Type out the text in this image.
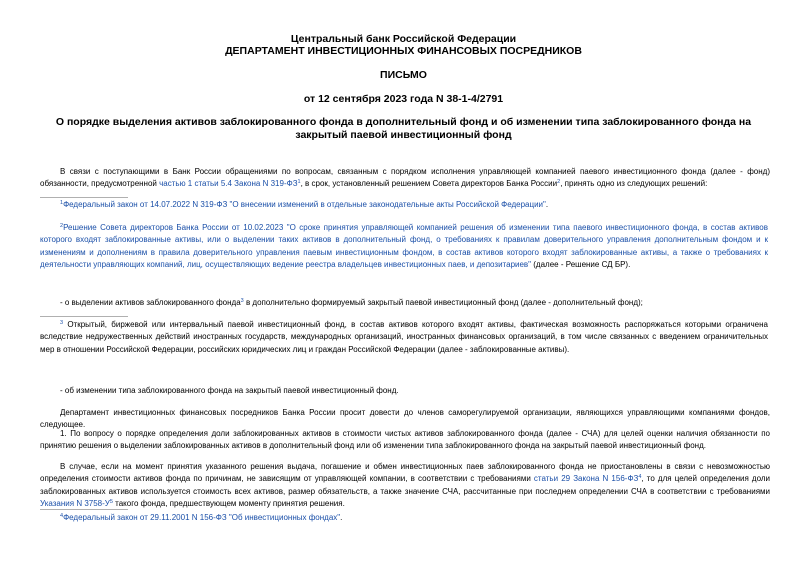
Центральный банк Российской Федерации
ДЕПАРТАМЕНТ ИНВЕСТИЦИОННЫХ ФИНАНСОВЫХ ПОСРЕДНИКОВ
ПИСЬМО
от 12 сентября 2023 года N 38-1-4/2791
О порядке выделения активов заблокированного фонда в дополнительный фонд и об изменении типа заблокированного фонда на закрытый паевой инвестиционный фонд
В связи с поступающими в Банк России обращениями по вопросам, связанным с порядком исполнения управляющей компанией паевого инвестиционного фонда (далее - фонд) обязанности, предусмотренной частью 1 статьи 5.4 Закона N $319-ФЗ^1$, в срок, установленный решением Совета директоров Банка России$^2$, принять одно из следующих решений:
$^1$Федеральный закон от 14.07.2022 N 319-ФЗ "О внесении изменений в отдельные законодательные акты Российской Федерации".
$^2$Решение Совета директоров Банка России от 10.02.2023 "О сроке принятия управляющей компанией решения об изменении типа паевого инвестиционного фонда, в состав активов которого входят заблокированные активы, или о выделении таких активов в дополнительный фонд, о требованиях к правилам доверительного управления дополнительным фондом и к изменениям и дополнениям в правила доверительного управления паевым инвестиционным фондом, в состав активов которого входят заблокированные активы, а также о требованиях к деятельности управляющих компаний, лиц, осуществляющих ведение реестра владельцев инвестиционных паев, и депозитариев" (далее - Решение СД БР).
- о выделении активов заблокированного фонда$^3$ в дополнительно формируемый закрытый паевой инвестиционный фонд (далее - дополнительный фонд);
$^3$ Открытый, биржевой или интервальный паевой инвестиционный фонд, в состав активов которого входят активы, фактическая возможность распоряжаться которыми ограничена вследствие недружественных действий иностранных государств, международных организаций, иностранных финансовых организаций, в том числе связанных с введением ограничительных мер в отношении Российской Федерации, российских юридических лиц и граждан Российской Федерации (далее - заблокированные активы).
- об изменении типа заблокированного фонда на закрытый паевой инвестиционный фонд.
Департамент инвестиционных финансовых посредников Банка России просит довести до членов саморегулируемой организации, являющихся управляющими компаниями фондов, следующее.
1. По вопросу о порядке определения доли заблокированных активов в стоимости чистых активов заблокированного фонда (далее - СЧА) для целей оценки наличия обязанности по принятию решения о выделении заблокированных активов в дополнительный фонд или об изменении типа заблокированного фонда на закрытый паевой инвестиционный фонд.
В случае, если на момент принятия указанного решения выдача, погашение и обмен инвестиционных паев заблокированного фонда не приостановлены в связи с невозможностью определения стоимости активов фонда по причинам, не зависящим от управляющей компании, в соответствии с требованиями статьи 29 Закона N $156-ФЗ^4$, то для целей определения доли заблокированных активов используется стоимость всех активов, размер обязательств, а также значение СЧА, рассчитанные при последнем определении СЧА в соответствии с требованиями Указания N $3758-У^5$ такого фонда, предшествующем моменту принятия решения.
$^4$Федеральный закон от 29.11.2001 N 156-ФЗ "Об инвестиционных фондах".
